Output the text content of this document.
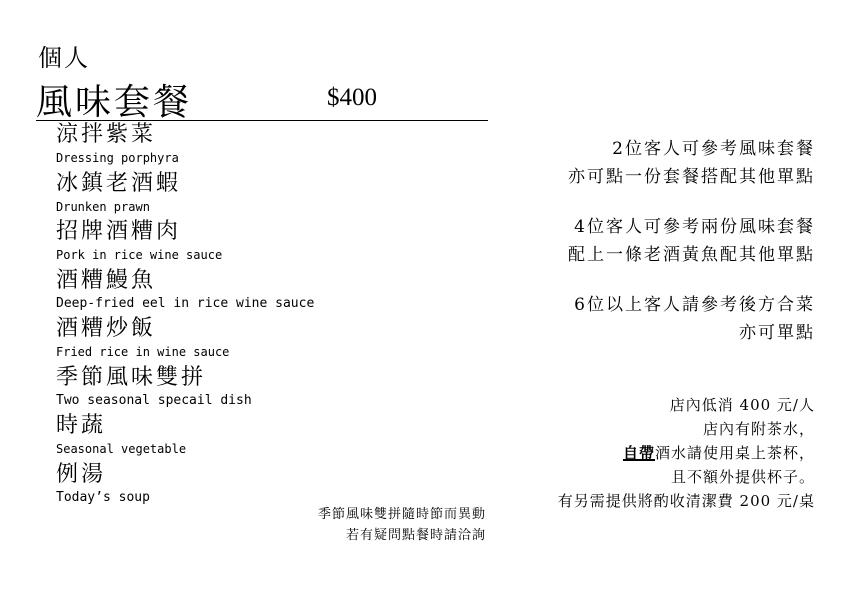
個人
風味套餐	$400
涼拌紫菜
Dressing porphyra
冰鎮老酒蝦
Drunken prawn
招牌酒糟肉
Pork in rice wine sauce
酒糟鰻魚
Deep-fried eel in rice wine sauce
酒糟炒飯
Fried rice in wine sauce
季節風味雙拼
Two seasonal specail dish
時蔬
Seasonal vegetable
例湯
Today’s soup
季節風味雙拼隨時節而異動
若有疑問點餐時請洽詢
2位客人可參考風味套餐
亦可點一份套餐搭配其他單點
4位客人可參考兩份風味套餐
配上一條老酒黃魚配其他單點
6位以上客人請參考後方合菜
亦可單點
店內低消 400 元/人
店內有附茶水，
自帶酒水請使用桌上茶杯，
且不額外提供杯子。
有另需提供將酌收清潔費 200 元/桌
